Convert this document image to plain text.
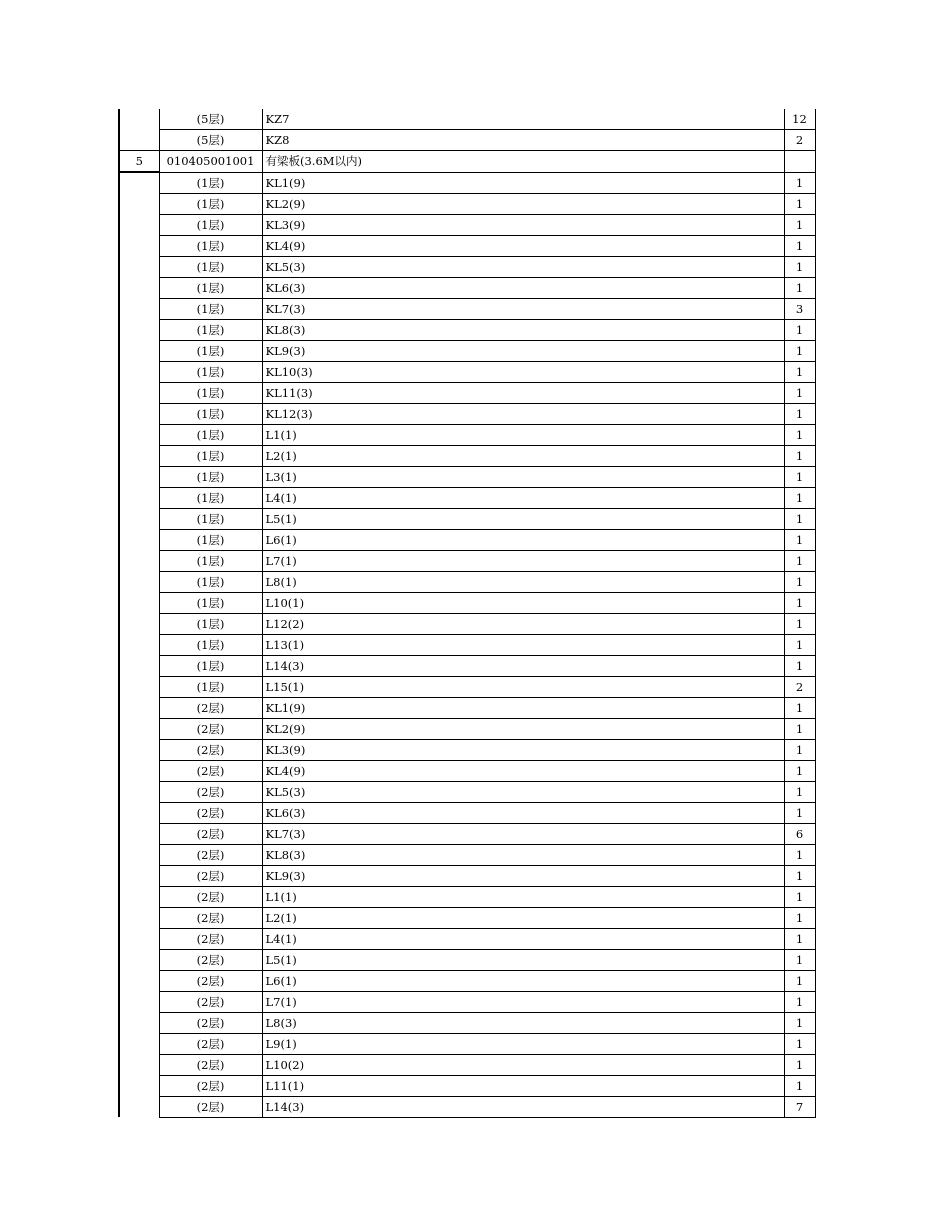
	(5层)	KZ7	12
	(5层)	KZ8	2
5	010405001001	有梁板(3.6M以内)	
	(1层)	KL1(9)	1
	(1层)	KL2(9)	1
	(1层)	KL3(9)	1
	(1层)	KL4(9)	1
	(1层)	KL5(3)	1
	(1层)	KL6(3)	1
	(1层)	KL7(3)	3
	(1层)	KL8(3)	1
	(1层)	KL9(3)	1
	(1层)	KL10(3)	1
	(1层)	KL11(3)	1
	(1层)	KL12(3)	1
	(1层)	L1(1)	1
	(1层)	L2(1)	1
	(1层)	L3(1)	1
	(1层)	L4(1)	1
	(1层)	L5(1)	1
	(1层)	L6(1)	1
	(1层)	L7(1)	1
	(1层)	L8(1)	1
	(1层)	L10(1)	1
	(1层)	L12(2)	1
	(1层)	L13(1)	1
	(1层)	L14(3)	1
	(1层)	L15(1)	2
	(2层)	KL1(9)	1
	(2层)	KL2(9)	1
	(2层)	KL3(9)	1
	(2层)	KL4(9)	1
	(2层)	KL5(3)	1
	(2层)	KL6(3)	1
	(2层)	KL7(3)	6
	(2层)	KL8(3)	1
	(2层)	KL9(3)	1
	(2层)	L1(1)	1
	(2层)	L2(1)	1
	(2层)	L4(1)	1
	(2层)	L5(1)	1
	(2层)	L6(1)	1
	(2层)	L7(1)	1
	(2层)	L8(3)	1
	(2层)	L9(1)	1
	(2层)	L10(2)	1
	(2层)	L11(1)	1
	(2层)	L14(3)	7
